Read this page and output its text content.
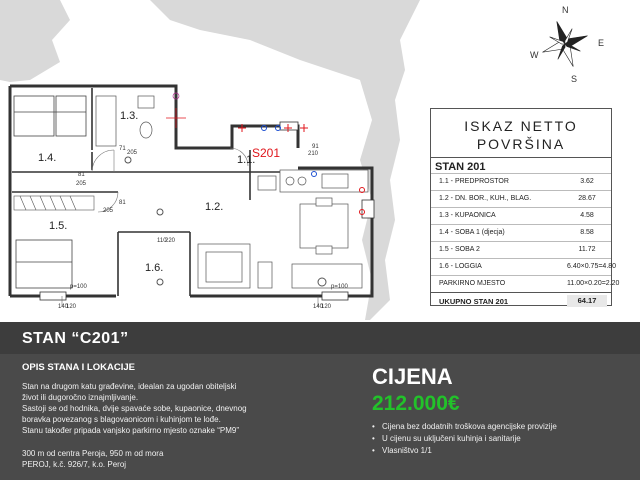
1.3.
1.4.	1.1.
1.2.
1.5.
1.6.
S201
71
205
91
210
81
205
81
205
110
220
p=100	p=100
140
120	140
120
N
S
E
W
ISKAZ NETTO
POVRŠINA
STAN 201
1.1 - PREDPROSTOR	3.62
1.2 - DN. BOR., KUH., BLAG.	28.67
1.3 - KUPAONICA	4.58
1.4 - SOBA 1 (djecja)	8.58
1.5 - SOBA 2	11.72
1.6 - LOGGIA	6.40×0.75=4.80
PARKIRNO MJESTO	11.00×0.20=2.20
UKUPNO STAN 201	64.17
STAN “C201”
OPIS STANA I LOKACIJE
Stan na drugom katu građevine, idealan za ugodan obiteljski
život ili dugoročno iznajmljivanje.
Sastoji se od hodnika, dvije spavaće sobe, kupaonice, dnevnog
boravka povezanog s blagovaonicom i kuhinjom te lođe.
Stanu također pripada vanjsko parkirno mjesto oznake “PM9”
300 m od centra Peroja, 950 m od mora
PEROJ, k.č. 926/7, k.o. Peroj
CIJENA
212.000€
• Cijena bez dodatnih troškova agencijske provizije
• U cijenu su uključeni kuhinja i sanitarije
• Vlasništvo 1/1
